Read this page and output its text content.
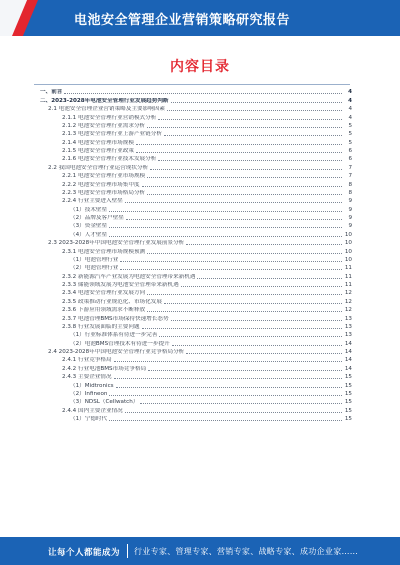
电池安全管理企业营销策略研究报告
内容目录
一、前言	4
二、2023-2028年电池安全管理行业发展趋势判断	4
2.1 电池安全管理企业营销策略及主要影响因素	4
2.1.1 电池安全管理行业营销模式分析	4
2.1.2 电池安全管理行业需求分析	5
2.1.3 电池安全管理行业上游产业链分析	5
2.1.4 电池安全管理市场规模	5
2.1.5 电池安全管理行业政策	6
2.1.6 电池安全管理行业技术发展分析	6
2.2 我国电池安全管理行业运营现状分析	7
2.2.1 电池安全管理行业市场规模	7
2.2.2 电池安全管理市场集中度	8
2.2.3 电池安全管理市场格局分析	8
2.2.4 行业主要进入壁垒	9
（1）技术壁垒	9
（2）品牌及客户壁垒	9
（3）资金壁垒	9
（4）人才壁垒	10
2.3 2023-2028年中国电池安全管理行业发展前景分析	10
2.3.1 电池安全管理市场规模预测	10
（1）电池管理行业	10
（2）电池管理行业	11
2.3.2 新能源汽车产业发展为电池安全管理带来新机遇	11
2.3.3 储能领域发展为电池安全管理带来新机遇	11
2.3.4 电池安全管理行业发展方向	12
2.3.5 政策推动行业规范化、市场化发展	12
2.3.6 下游应用领域需求不断释放	12
2.3.7 电池管理BMS市场保持快速增长态势	13
2.3.8 行业发展面临的主要问题	13
（1）行业标准体系有待进一步完善	13
（2）电池BMS管理技术有待进一步提升	14
2.4 2023-2028年中国电池安全管理行业竞争格局分析	14
2.4.1 行业竞争格局	14
2.4.2 行业电池BMS市场竞争格局	14
2.4.3 主要企业情况	15
（1）Midtronics	15
（2）Infineon	15
（3）NDSL（Cellwatch）	15
2.4.4 国内主要企业情况	15
（1）宁德时代	15
让每个人都能成为 行业专家、管理专家、营销专家、战略专家、成功企业家……
